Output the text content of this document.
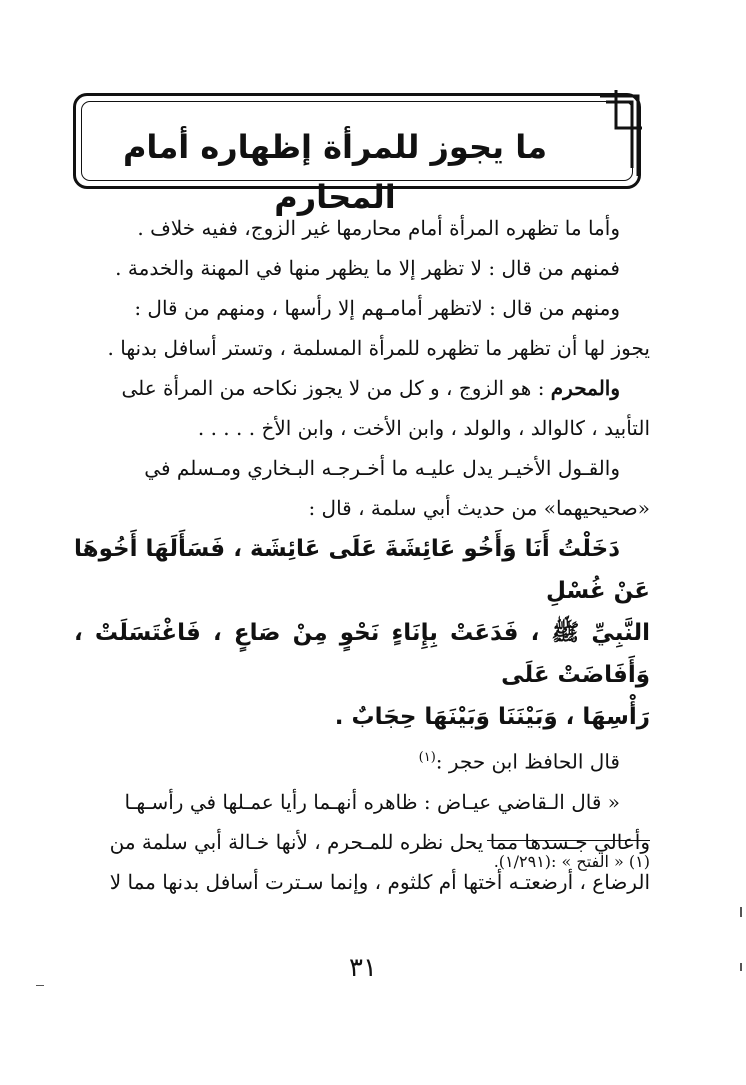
ما يجوز للمرأة إظهاره أمام المحارم

وأما ما تظهره المرأة أمام محارمها غير الزوج، ففيه خلاف .

فمنهم من قال : لا تظهر إلا ما يظهر منها في المهنة والخدمة .

ومنهم من قال : لاتظهر أمامـهم إلا رأسها ، ومنهم من قال :
يجوز لها أن تظهر ما تظهره للمرأة المسلمة ، وتستر أسافل بدنها .

والمحرم : هو الزوج ، و كل من لا يجوز نكاحه من المرأة على
التأبيد ، كالوالد ، والولد ، وابن الأخت ، وابن الأخ . . . . .

والقـول الأخيـر يدل عليـه ما أخـرجـه البـخاري ومـسلم في
«صحيحيهما» من حديث أبي سلمة ، قال :

دَخَلْتُ أَنَا وَأَخُو عَائِشَةَ عَلَى عَائِشَة ، فَسَأَلَهَا أَخُوهَا عَنْ غُسْلِ
النَّبِيِّ ﷺ ، فَدَعَتْ بِإِنَاءٍ نَحْوٍ مِنْ صَاعٍ ، فَاغْتَسَلَتْ ، وَأَفَاضَتْ عَلَى
رَأْسِهَا ، وَبَيْنَنَا وَبَيْنَهَا حِجَابٌ .

قال الحافظ ابن حجر :$^{(١)}$

« قال الـقاضي عيـاض : ظاهره أنهـما رأيا عمـلها في رأسـهـا
وأعالي جـسدها مما يحل نظره للمـحرم ، لأنها خـالة أبي سلمة من
الرضاع ، أرضعتـه أختها أم كلثوم ، وإنما سـترت أسافل بدنها مما لا

(١) « الفتح » :(١/٢٩١).
٣١
